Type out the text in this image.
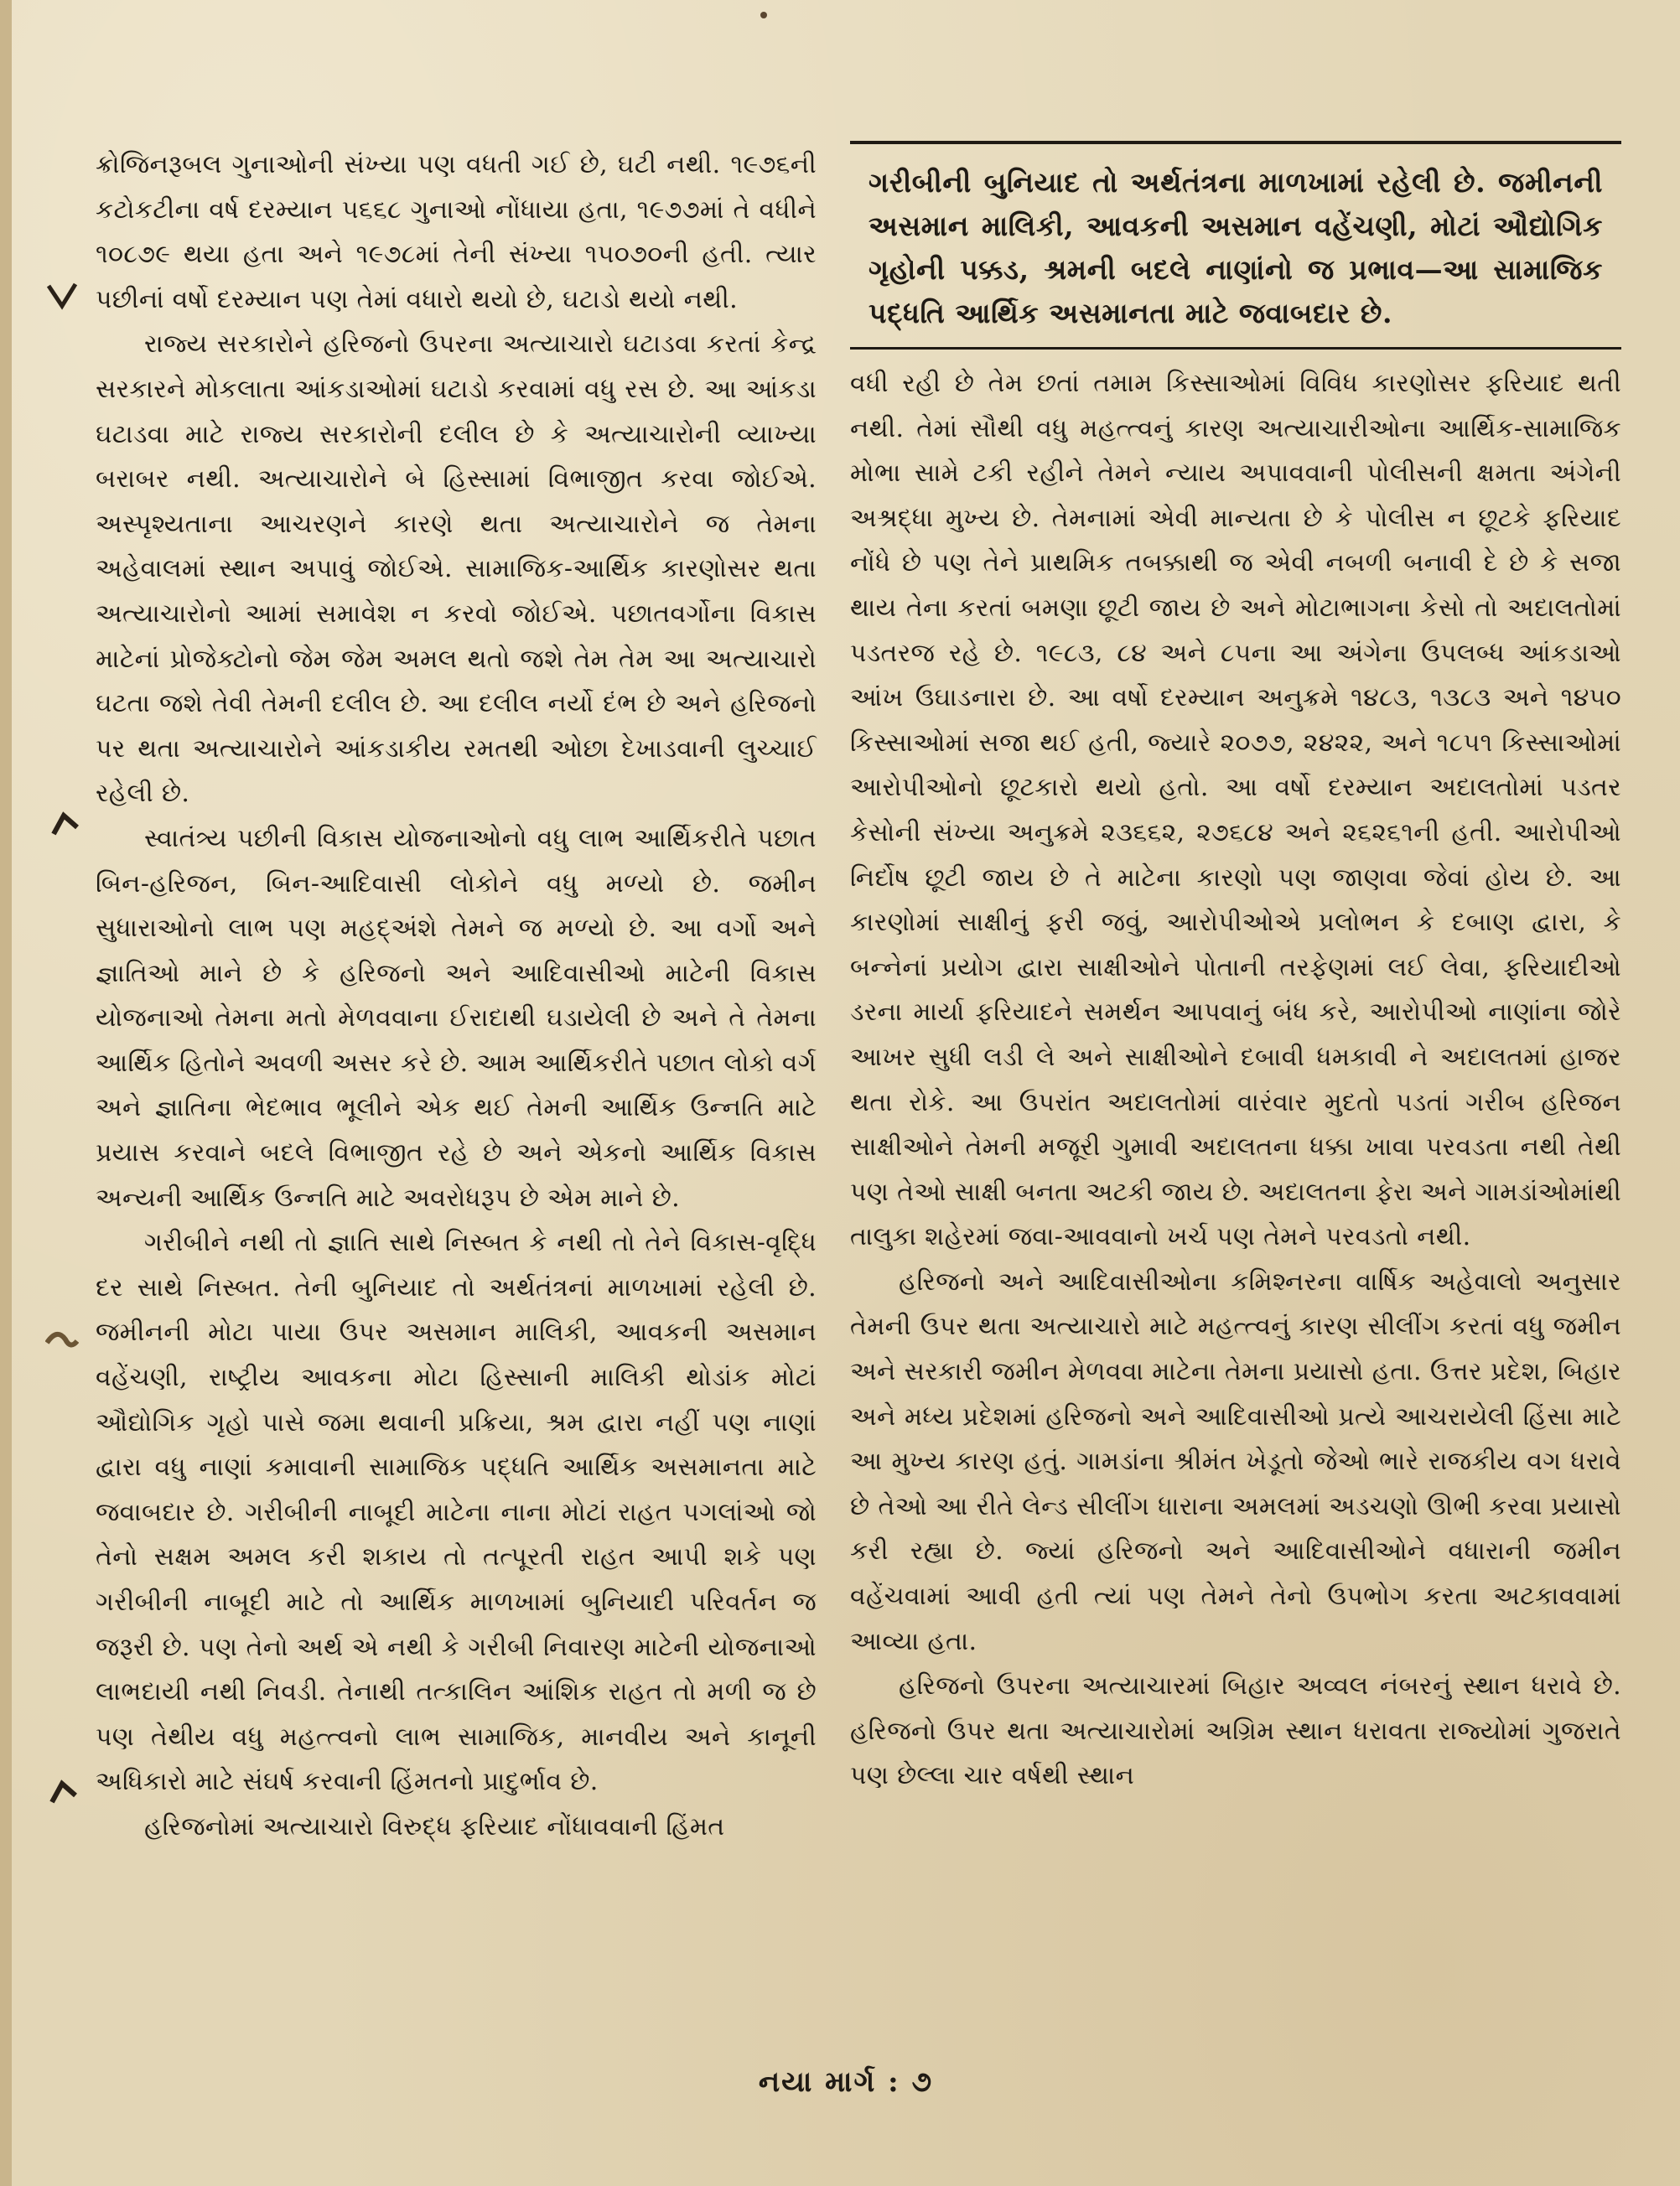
ક્રોજિનરૂબલ ગુનાઓની સંખ્યા પણ વધતી ગઈ છે, ઘટી નથી. ૧૯૭૬ની કટોકટીના વર્ષ દરમ્યાન ૫૬૬૮ ગુનાઓ નોંધાયા હતા, ૧૯૭૭માં તે વધીને ૧૦૮૭૯ થયા હતા અને ૧૯૭૮માં તેની સંખ્યા ૧૫૦૭૦ની હતી. ત્યાર પછીનાં વર્ષો દરમ્યાન પણ તેમાં વધારો થયો છે, ઘટાડો થયો નથી.

રાજ્ય સરકારોને હરિજનો ઉપરના અત્યાચારો ઘટાડવા કરતાં કેન્દ્ર સરકારને મોકલાતા આંકડાઓમાં ઘટાડો કરવામાં વધુ રસ છે. આ આંકડા ઘટાડવા માટે રાજ્ય સરકારોની દલીલ છે કે અત્યાચારોની વ્યાખ્યા બરાબર નથી. અત્યાચારોને બે હિસ્સામાં વિભાજીત કરવા જોઈએ. અસ્પૃશ્યતાના આચરણને કારણે થતા અત્યાચારોને જ તેમના અહેવાલમાં સ્થાન અપાવું જોઈએ. સામાજિક-આર્થિક કારણોસર થતા અત્યાચારોનો આમાં સમાવેશ ન કરવો જોઈએ. પછાતવર્ગોના વિકાસ માટેનાં પ્રોજેક્ટોનો જેમ જેમ અમલ થતો જશે તેમ તેમ આ અત્યાચારો ઘટતા જશે તેવી તેમની દલીલ છે. આ દલીલ નર્યો દંભ છે અને હરિજનો પર થતા અત્યાચારોને આંકડાકીય રમતથી ઓછા દેખાડવાની લુચ્ચાઈ રહેલી છે.

સ્વાતંત્ર્ય પછીની વિકાસ યોજનાઓનો વધુ લાભ આર્થિકરીતે પછાત બિન-હરિજન, બિન-આદિવાસી લોકોને વધુ મળ્યો છે. જમીન સુધારાઓનો લાભ પણ મહદ્અંશે તેમને જ મળ્યો છે. આ વર્ગો અને જ્ઞાતિઓ માને છે કે હરિજનો અને આદિવાસીઓ માટેની વિકાસ યોજનાઓ તેમના મતો મેળવવાના ઈરાદાથી ઘડાયેલી છે અને તે તેમના આર્થિક હિતોને અવળી અસર કરે છે. આમ આર્થિકરીતે પછાત લોકો વર્ગ અને જ્ઞાતિના ભેદભાવ ભૂલીને એક થઈ તેમની આર્થિક ઉન્નતિ માટે પ્રયાસ કરવાને બદલે વિભાજીત રહે છે અને એકનો આર્થિક વિકાસ અન્યની આર્થિક ઉન્નતિ માટે અવરોધરૂપ છે એમ માને છે.

ગરીબીને નથી તો જ્ઞાતિ સાથે નિસ્બત કે નથી તો તેને વિકાસ-વૃદ્ધિ દર સાથે નિસ્બત. તેની બુનિયાદ તો અર્થતંત્રનાં માળખામાં રહેલી છે. જમીનની મોટા પાયા ઉપર અસમાન માલિકી, આવકની અસમાન વહેંચણી, રાષ્ટ્રીય આવકના મોટા હિસ્સાની માલિકી થોડાંક મોટાં ઔદ્યોગિક ગૃહો પાસે જમા થવાની પ્રક્રિયા, શ્રમ દ્વારા નહીં પણ નાણાં દ્વારા વધુ નાણાં કમાવાની સામાજિક પદ્ધતિ આર્થિક અસમાનતા માટે જવાબદાર છે. ગરીબીની નાબૂદી માટેના નાના મોટાં રાહત પગલાંઓ જો તેનો સક્ષમ અમલ કરી શકાય તો તત્પૂરતી રાહત આપી શકે પણ ગરીબીની નાબૂદી માટે તો આર્થિક માળખામાં બુનિયાદી પરિવર્તન જ જરૂરી છે. પણ તેનો અર્થ એ નથી કે ગરીબી નિવારણ માટેની યોજનાઓ લાભદાયી નથી નિવડી. તેનાથી તત્કાલિન આંશિક રાહત તો મળી જ છે પણ તેથીય વધુ મહત્ત્વનો લાભ સામાજિક, માનવીય અને કાનૂની અધિકારો માટે સંઘર્ષ કરવાની હિંમતનો પ્રાદુર્ભાવ છે.

હરિજનોમાં અત્યાચારો વિરુદ્ધ ફરિયાદ નોંધાવવાની હિંમત

ગરીબીની બુનિયાદ તો અર્થતંત્રના માળખામાં રહેલી છે. જમીનની અસમાન માલિકી, આવકની અસમાન વહેંચણી, મોટાં ઔદ્યોગિક ગૃહોની પક્કડ, શ્રમની બદલે નાણાંનો જ પ્રભાવ—આ સામાજિક પદ્ધતિ આર્થિક અસમાનતા માટે જવાબદાર છે.

વધી રહી છે તેમ છતાં તમામ કિસ્સાઓમાં વિવિધ કારણોસર ફરિયાદ થતી નથી. તેમાં સૌથી વધુ મહત્ત્વનું કારણ અત્યાચારીઓના આર્થિક-સામાજિક મોભા સામે ટકી રહીને તેમને ન્યાય અપાવવાની પોલીસની ક્ષમતા અંગેની અશ્રદ્ધા મુખ્ય છે. તેમનામાં એવી માન્યતા છે કે પોલીસ ન છૂટકે ફરિયાદ નોંધે છે પણ તેને પ્રાથમિક તબક્કાથી જ એવી નબળી બનાવી દે છે કે સજા થાય તેના કરતાં બમણા છૂટી જાય છે અને મોટાભાગના કેસો તો અદાલતોમાં પડતરજ રહે છે. ૧૯૮૩, ૮૪ અને ૮૫ના આ અંગેના ઉપલબ્ધ આંકડાઓ આંખ ઉઘાડનારા છે. આ વર્ષો દરમ્યાન અનુક્રમે ૧૪૮૩, ૧૩૮૩ અને ૧૪૫૦ કિસ્સાઓમાં સજા થઈ હતી, જ્યારે ૨૦૭૭, ૨૪૨૨, અને ૧૮૫૧ કિસ્સાઓમાં આરોપીઓનો છૂટકારો થયો હતો. આ વર્ષો દરમ્યાન અદાલતોમાં પડતર કેસોની સંખ્યા અનુક્રમે ૨૩૬૬૨, ૨૭૬૮૪ અને ૨૬૨૬૧ની હતી. આરોપીઓ નિર્દોષ છૂટી જાય છે તે માટેના કારણો પણ જાણવા જેવાં હોય છે. આ કારણોમાં સાક્ષીનું ફરી જવું, આરોપીઓએ પ્રલોભન કે દબાણ દ્વારા, કે બન્નેનાં પ્રયોગ દ્વારા સાક્ષીઓને પોતાની તરફેણમાં લઈ લેવા, ફરિયાદીઓ ડરના માર્યા ફરિયાદને સમર્થન આપવાનું બંધ કરે, આરોપીઓ નાણાંના જોરે આખર સુધી લડી લે અને સાક્ષીઓને દબાવી ધમકાવી ને અદાલતમાં હાજર થતા રોકે. આ ઉપરાંત અદાલતોમાં વારંવાર મુદતો પડતાં ગરીબ હરિજન સાક્ષીઓને તેમની મજૂરી ગુમાવી અદાલતના ધક્કા ખાવા પરવડતા નથી તેથી પણ તેઓ સાક્ષી બનતા અટકી જાય છે. અદાલતના ફેરા અને ગામડાંઓમાંથી તાલુકા શહેરમાં જવા-આવવાનો ખર્ચ પણ તેમને પરવડતો નથી.

હરિજનો અને આદિવાસીઓના કમિશ્નરના વાર્ષિક અહેવાલો અનુસાર તેમની ઉપર થતા અત્યાચારો માટે મહત્ત્વનું કારણ સીલીંગ કરતાં વધુ જમીન અને સરકારી જમીન મેળવવા માટેના તેમના પ્રયાસો હતા. ઉત્તર પ્રદેશ, બિહાર અને મધ્ય પ્રદેશમાં હરિજનો અને આદિવાસીઓ પ્રત્યે આચરાયેલી હિંસા માટે આ મુખ્ય કારણ હતું. ગામડાંના શ્રીમંત ખેડૂતો જેઓ ભારે રાજકીય વગ ધરાવે છે તેઓ આ રીતે લેન્ડ સીલીંગ ધારાના અમલમાં અડચણો ઊભી કરવા પ્રયાસો કરી રહ્યા છે. જ્યાં હરિજનો અને આદિવાસીઓને વધારાની જમીન વહેંચવામાં આવી હતી ત્યાં પણ તેમને તેનો ઉપભોગ કરતા અટકાવવામાં આવ્યા હતા.

હરિજનો ઉપરના અત્યાચારમાં બિહાર અવ્વલ નંબરનું સ્થાન ધરાવે છે. હરિજનો ઉપર થતા અત્યાચારોમાં અગ્રિમ સ્થાન ધરાવતા રાજ્યોમાં ગુજરાતે પણ છેલ્લા ચાર વર્ષથી સ્થાન

નયા માર્ગ : ૭
